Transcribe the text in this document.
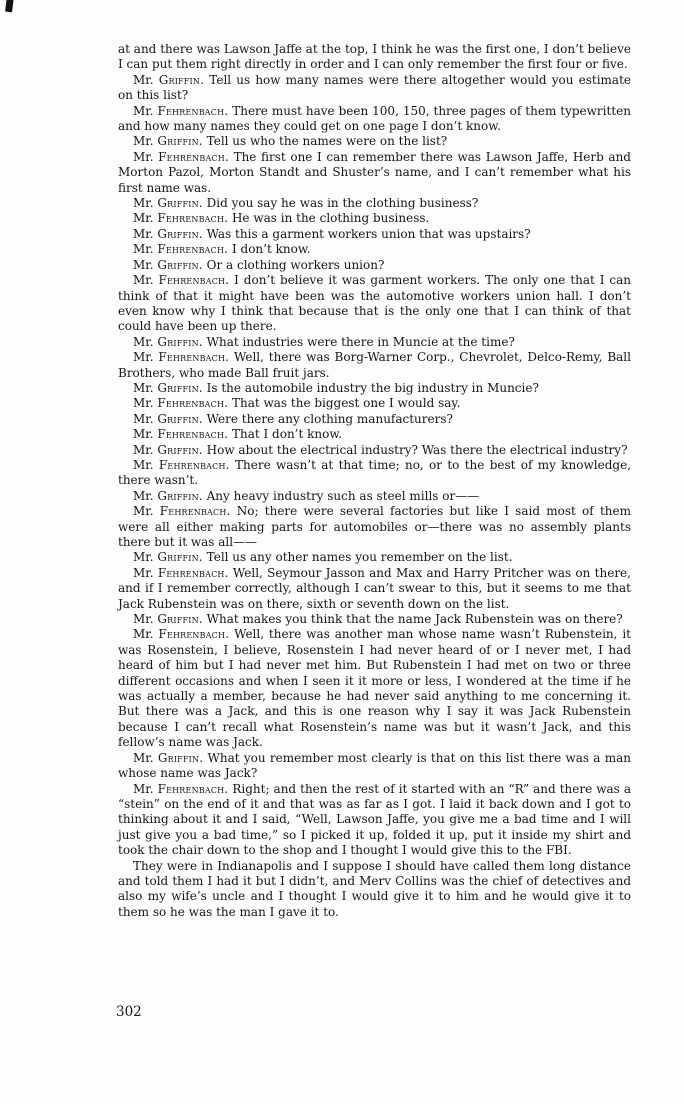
at and there was Lawson Jaffe at the top, I think he was the first one, I don’t believe I can put them right directly in order and I can only remember the first four or five.

Mr. Griffin. Tell us how many names were there altogether would you estimate on this list?

Mr. Fehrenbach. There must have been 100, 150, three pages of them typewritten and how many names they could get on one page I don’t know.

Mr. Griffin. Tell us who the names were on the list?

Mr. Fehrenbach. The first one I can remember there was Lawson Jaffe, Herb and Morton Pazol, Morton Standt and Shuster’s name, and I can’t remember what his first name was.

Mr. Griffin. Did you say he was in the clothing business?

Mr. Fehrenbach. He was in the clothing business.

Mr. Griffin. Was this a garment workers union that was upstairs?

Mr. Fehrenbach. I don’t know.

Mr. Griffin. Or a clothing workers union?

Mr. Fehrenbach. I don’t believe it was garment workers. The only one that I can think of that it might have been was the automotive workers union hall. I don’t even know why I think that because that is the only one that I can think of that could have been up there.

Mr. Griffin. What industries were there in Muncie at the time?

Mr. Fehrenbach. Well, there was Borg-Warner Corp., Chevrolet, Delco-Remy, Ball Brothers, who made Ball fruit jars.

Mr. Griffin. Is the automobile industry the big industry in Muncie?

Mr. Fehrenbach. That was the biggest one I would say.

Mr. Griffin. Were there any clothing manufacturers?

Mr. Fehrenbach. That I don’t know.

Mr. Griffin. How about the electrical industry? Was there the electrical industry?

Mr. Fehrenbach. There wasn’t at that time; no, or to the best of my knowledge, there wasn’t.

Mr. Griffin. Any heavy industry such as steel mills or——

Mr. Fehrenbach. No; there were several factories but like I said most of them were all either making parts for automobiles or—there was no assembly plants there but it was all——

Mr. Griffin. Tell us any other names you remember on the list.

Mr. Fehrenbach. Well, Seymour Jasson and Max and Harry Pritcher was on there, and if I remember correctly, although I can’t swear to this, but it seems to me that Jack Rubenstein was on there, sixth or seventh down on the list.

Mr. Griffin. What makes you think that the name Jack Rubenstein was on there?

Mr. Fehrenbach. Well, there was another man whose name wasn’t Rubenstein, it was Rosenstein, I believe, Rosenstein I had never heard of or I never met, I had heard of him but I had never met him. But Rubenstein I had met on two or three different occasions and when I seen it it more or less, I wondered at the time if he was actually a member, because he had never said anything to me concerning it. But there was a Jack, and this is one reason why I say it was Jack Rubenstein because I can’t recall what Rosenstein’s name was but it wasn’t Jack, and this fellow’s name was Jack.

Mr. Griffin. What you remember most clearly is that on this list there was a man whose name was Jack?

Mr. Fehrenbach. Right; and then the rest of it started with an “R” and there was a “stein” on the end of it and that was as far as I got. I laid it back down and I got to thinking about it and I said, “Well, Lawson Jaffe, you give me a bad time and I will just give you a bad time,” so I picked it up, folded it up, put it inside my shirt and took the chair down to the shop and I thought I would give this to the FBI.

They were in Indianapolis and I suppose I should have called them long distance and told them I had it but I didn’t, and Merv Collins was the chief of detectives and also my wife’s uncle and I thought I would give it to him and he would give it to them so he was the man I gave it to.

302
